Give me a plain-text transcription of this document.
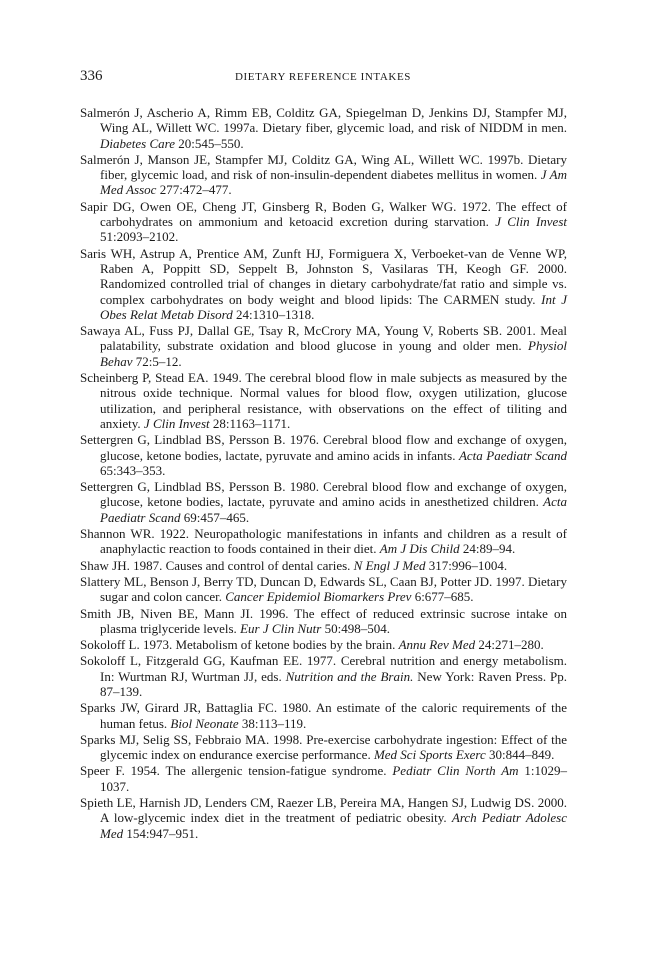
336	DIETARY REFERENCE INTAKES

Salmerón J, Ascherio A, Rimm EB, Colditz GA, Spiegelman D, Jenkins DJ, Stampfer MJ, Wing AL, Willett WC. 1997a. Dietary fiber, glycemic load, and risk of NIDDM in men. Diabetes Care 20:545–550.

Salmerón J, Manson JE, Stampfer MJ, Colditz GA, Wing AL, Willett WC. 1997b. Dietary fiber, glycemic load, and risk of non-insulin-dependent diabetes mellitus in women. J Am Med Assoc 277:472–477.

Sapir DG, Owen OE, Cheng JT, Ginsberg R, Boden G, Walker WG. 1972. The effect of carbohydrates on ammonium and ketoacid excretion during starvation. J Clin Invest 51:2093–2102.

Saris WH, Astrup A, Prentice AM, Zunft HJ, Formiguera X, Verboeket-van de Venne WP, Raben A, Poppitt SD, Seppelt B, Johnston S, Vasilaras TH, Keogh GF. 2000. Randomized controlled trial of changes in dietary carbohydrate/fat ratio and simple vs. complex carbohydrates on body weight and blood lipids: The CARMEN study. Int J Obes Relat Metab Disord 24:1310–1318.

Sawaya AL, Fuss PJ, Dallal GE, Tsay R, McCrory MA, Young V, Roberts SB. 2001. Meal palatability, substrate oxidation and blood glucose in young and older men. Physiol Behav 72:5–12.

Scheinberg P, Stead EA. 1949. The cerebral blood flow in male subjects as measured by the nitrous oxide technique. Normal values for blood flow, oxygen utilization, glucose utilization, and peripheral resistance, with observations on the effect of tiliting and anxiety. J Clin Invest 28:1163–1171.

Settergren G, Lindblad BS, Persson B. 1976. Cerebral blood flow and exchange of oxygen, glucose, ketone bodies, lactate, pyruvate and amino acids in infants. Acta Paediatr Scand 65:343–353.

Settergren G, Lindblad BS, Persson B. 1980. Cerebral blood flow and exchange of oxygen, glucose, ketone bodies, lactate, pyruvate and amino acids in anesthetized children. Acta Paediatr Scand 69:457–465.

Shannon WR. 1922. Neuropathologic manifestations in infants and children as a result of anaphylactic reaction to foods contained in their diet. Am J Dis Child 24:89–94.

Shaw JH. 1987. Causes and control of dental caries. N Engl J Med 317:996–1004.

Slattery ML, Benson J, Berry TD, Duncan D, Edwards SL, Caan BJ, Potter JD. 1997. Dietary sugar and colon cancer. Cancer Epidemiol Biomarkers Prev 6:677–685.

Smith JB, Niven BE, Mann JI. 1996. The effect of reduced extrinsic sucrose intake on plasma triglyceride levels. Eur J Clin Nutr 50:498–504.

Sokoloff L. 1973. Metabolism of ketone bodies by the brain. Annu Rev Med 24:271–280.

Sokoloff L, Fitzgerald GG, Kaufman EE. 1977. Cerebral nutrition and energy metabolism. In: Wurtman RJ, Wurtman JJ, eds. Nutrition and the Brain. New York: Raven Press. Pp. 87–139.

Sparks JW, Girard JR, Battaglia FC. 1980. An estimate of the caloric requirements of the human fetus. Biol Neonate 38:113–119.

Sparks MJ, Selig SS, Febbraio MA. 1998. Pre-exercise carbohydrate ingestion: Effect of the glycemic index on endurance exercise performance. Med Sci Sports Exerc 30:844–849.

Speer F. 1954. The allergenic tension-fatigue syndrome. Pediatr Clin North Am 1:1029–1037.

Spieth LE, Harnish JD, Lenders CM, Raezer LB, Pereira MA, Hangen SJ, Ludwig DS. 2000. A low-glycemic index diet in the treatment of pediatric obesity. Arch Pediatr Adolesc Med 154:947–951.
